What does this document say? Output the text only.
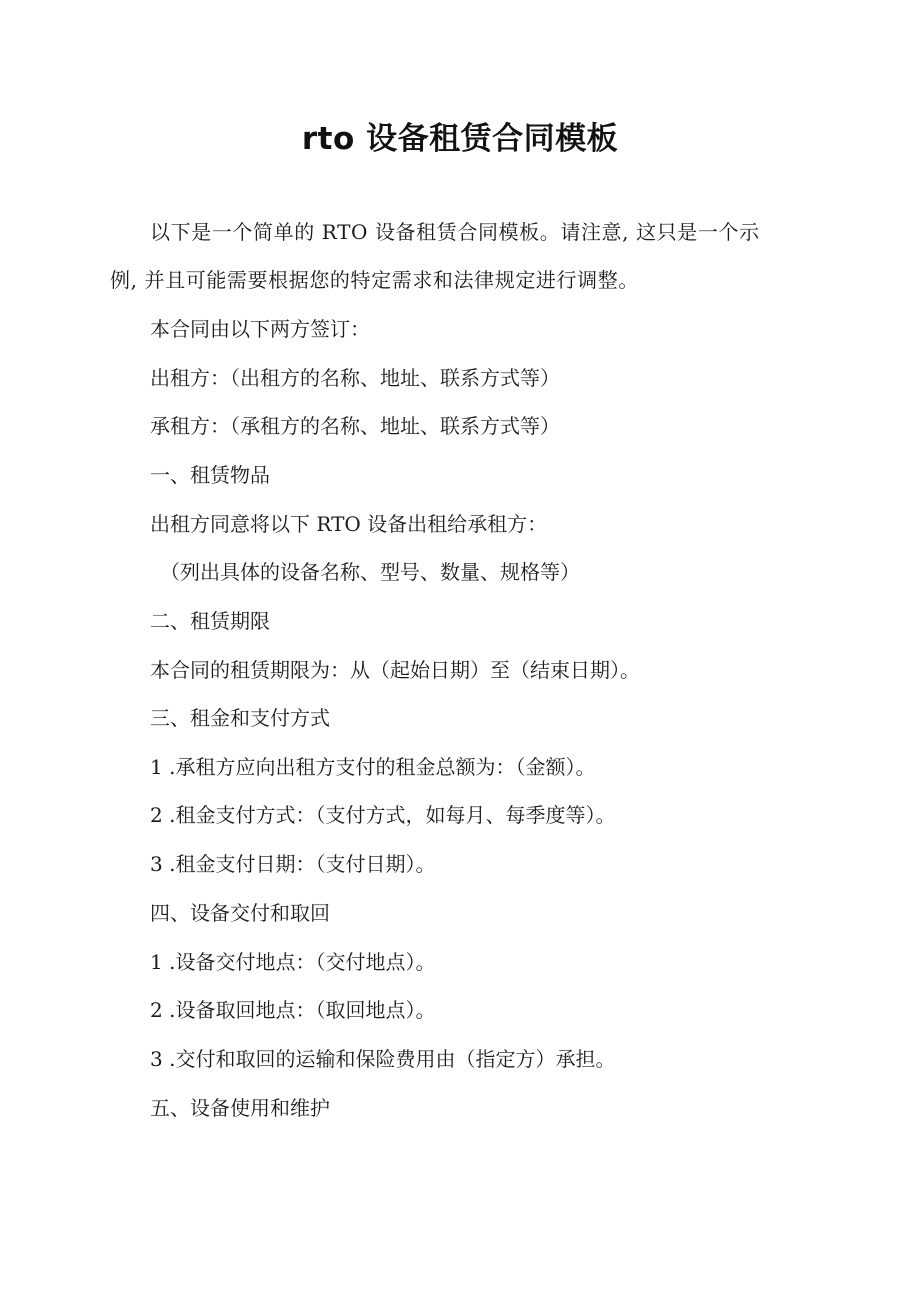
rto 设备租赁合同模板
以下是一个简单的 RTO 设备租赁合同模板。请注意, 这只是一个示
例, 并且可能需要根据您的特定需求和法律规定进行调整。
本合同由以下两方签订：
出租方：（出租方的名称、地址、联系方式等）
承租方：（承租方的名称、地址、联系方式等）
一、租赁物品
出租方同意将以下 RTO 设备出租给承租方：
（列出具体的设备名称、型号、数量、规格等）
二、租赁期限
本合同的租赁期限为：从（起始日期）至（结束日期）。
三、租金和支付方式
1 .承租方应向出租方支付的租金总额为：（金额）。
2 .租金支付方式：（支付方式，如每月、每季度等）。
3 .租金支付日期：（支付日期）。
四、设备交付和取回
1 .设备交付地点：（交付地点）。
2 .设备取回地点：（取回地点）。
3 .交付和取回的运输和保险费用由（指定方）承担。
五、设备使用和维护
